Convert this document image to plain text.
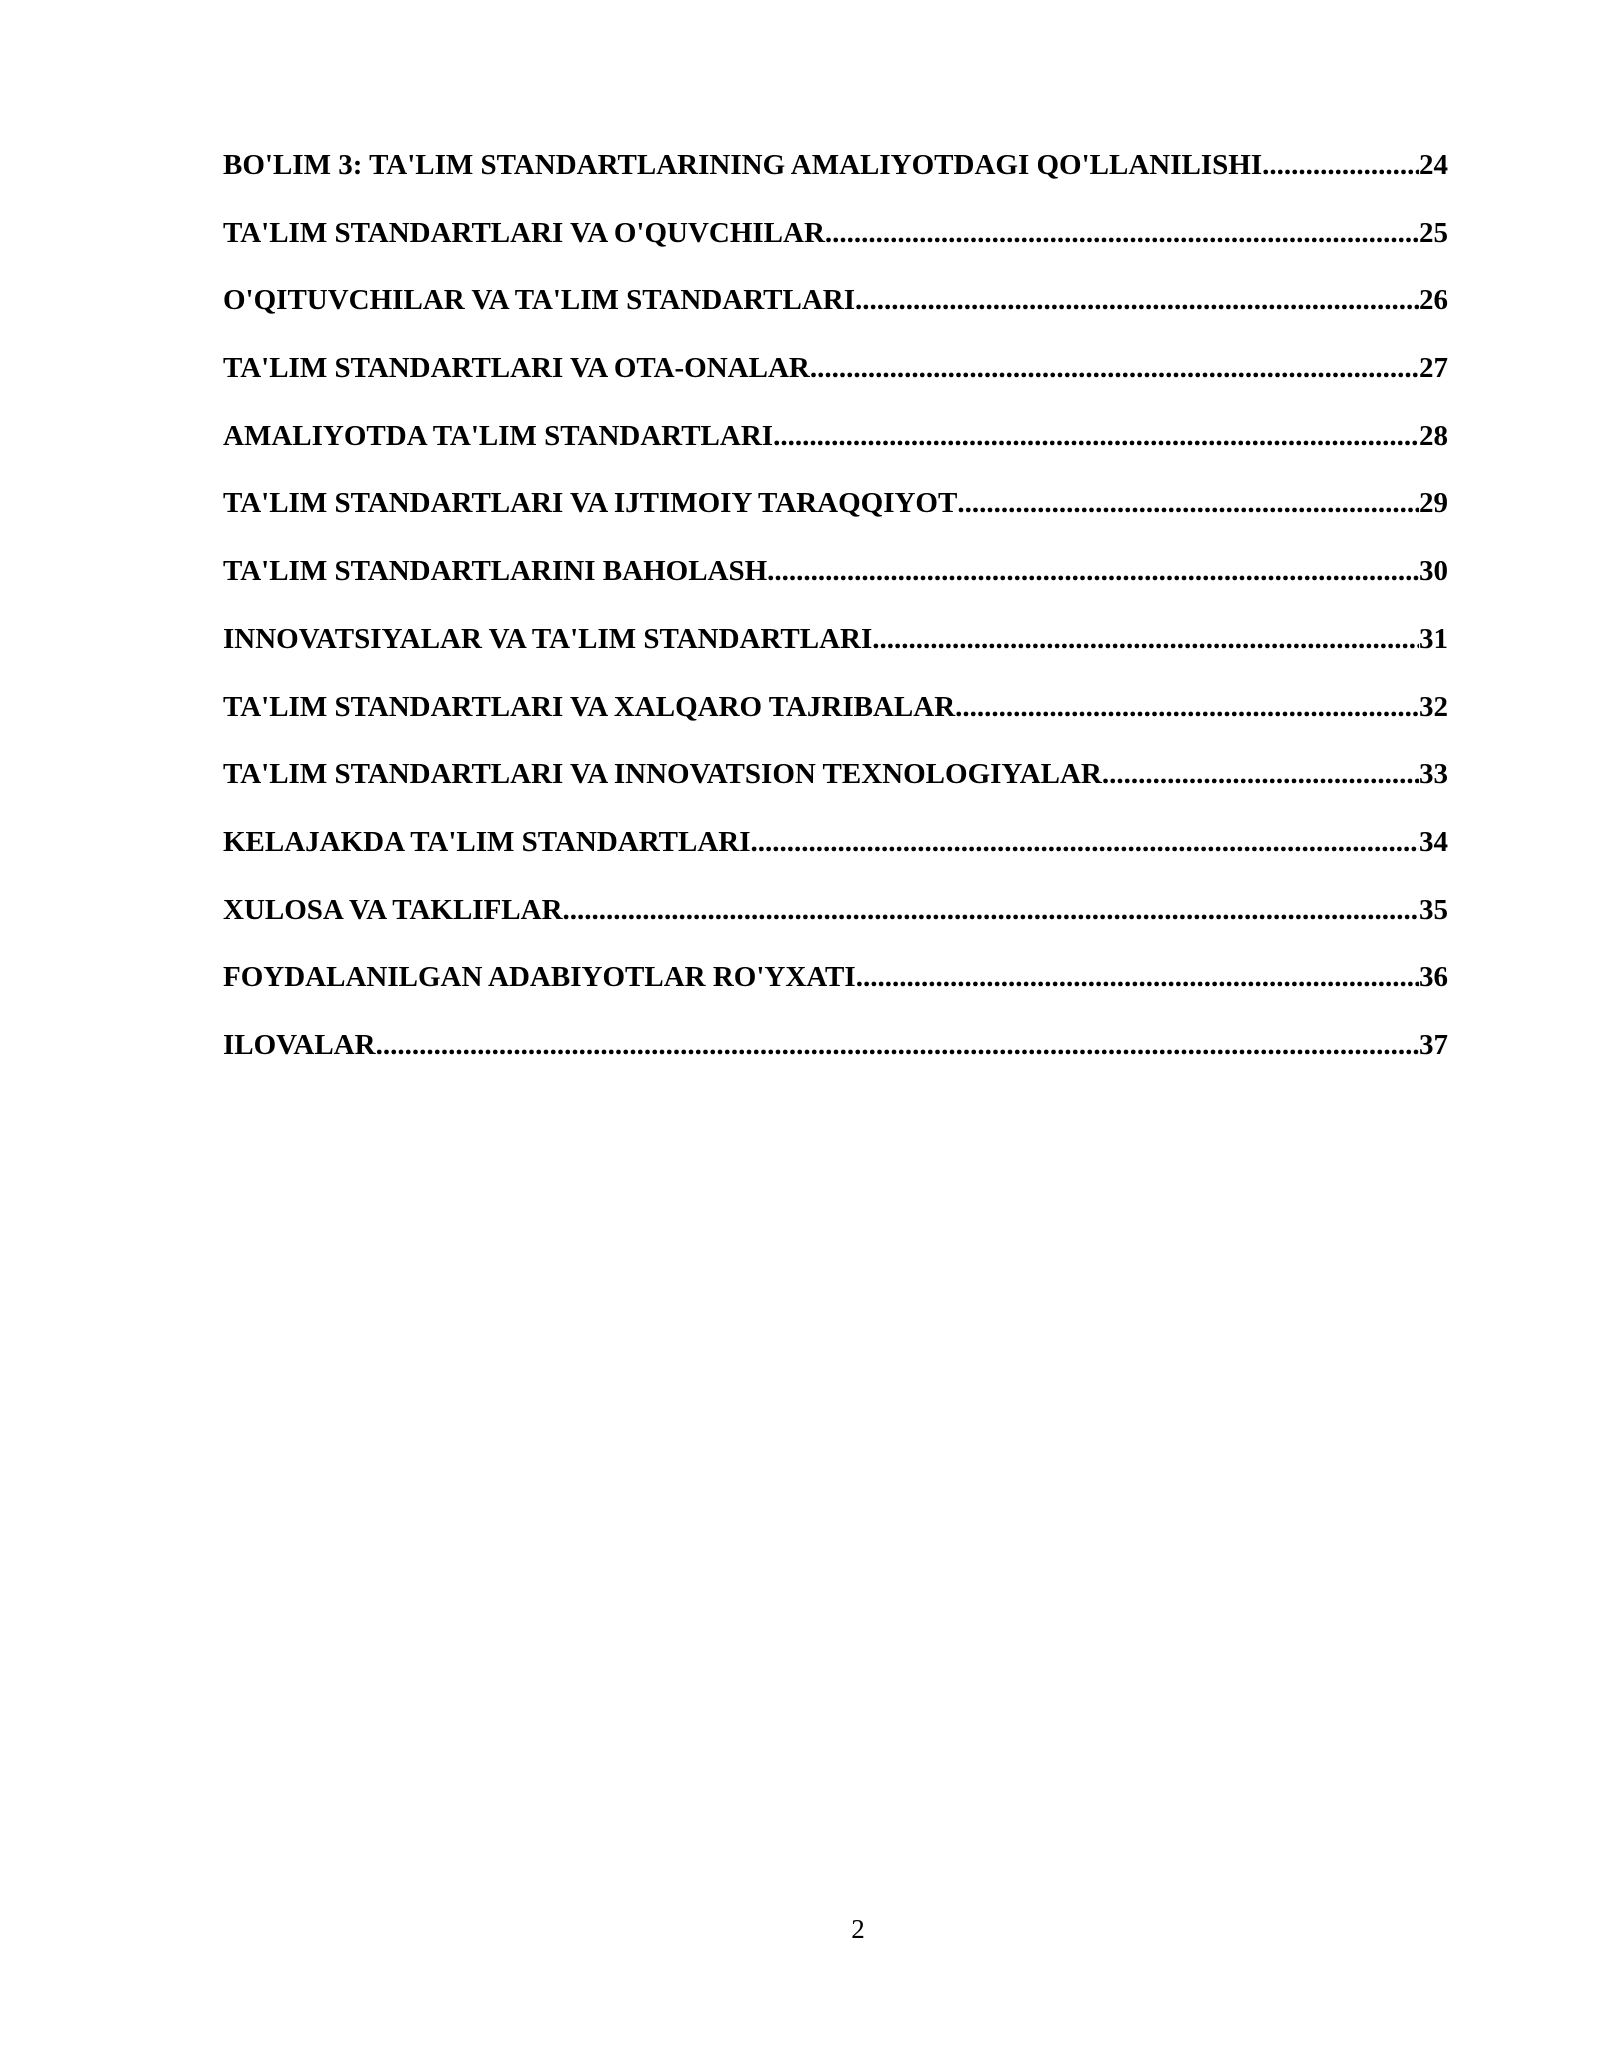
BO'LIM 3: TA'LIM STANDARTLARINING AMALIYOTDAGI QO'LLANILISHI .....	24
TA'LIM STANDARTLARI VA O'QUVCHILAR .....	25
O'QITUVCHILAR VA TA'LIM STANDARTLARI .....	26
TA'LIM STANDARTLARI VA OTA-ONALAR .....	27
AMALIYOTDA TA'LIM STANDARTLARI .....	28
TA'LIM STANDARTLARI VA IJTIMOIY TARAQQIYOT .....	29
TA'LIM STANDARTLARINI BAHOLASH .....	30
INNOVATSIYALAR VA TA'LIM STANDARTLARI .....	31
TA'LIM STANDARTLARI VA XALQARO TAJRIBALAR .....	32
TA'LIM STANDARTLARI VA INNOVATSION TEXNOLOGIYALAR .....	33
KELAJAKDA TA'LIM STANDARTLARI .....	34
XULOSA VA TAKLIFLAR .....	35
FOYDALANILGAN ADABIYOTLAR RO'YXATI .....	36
ILOVALAR .....	37
2
